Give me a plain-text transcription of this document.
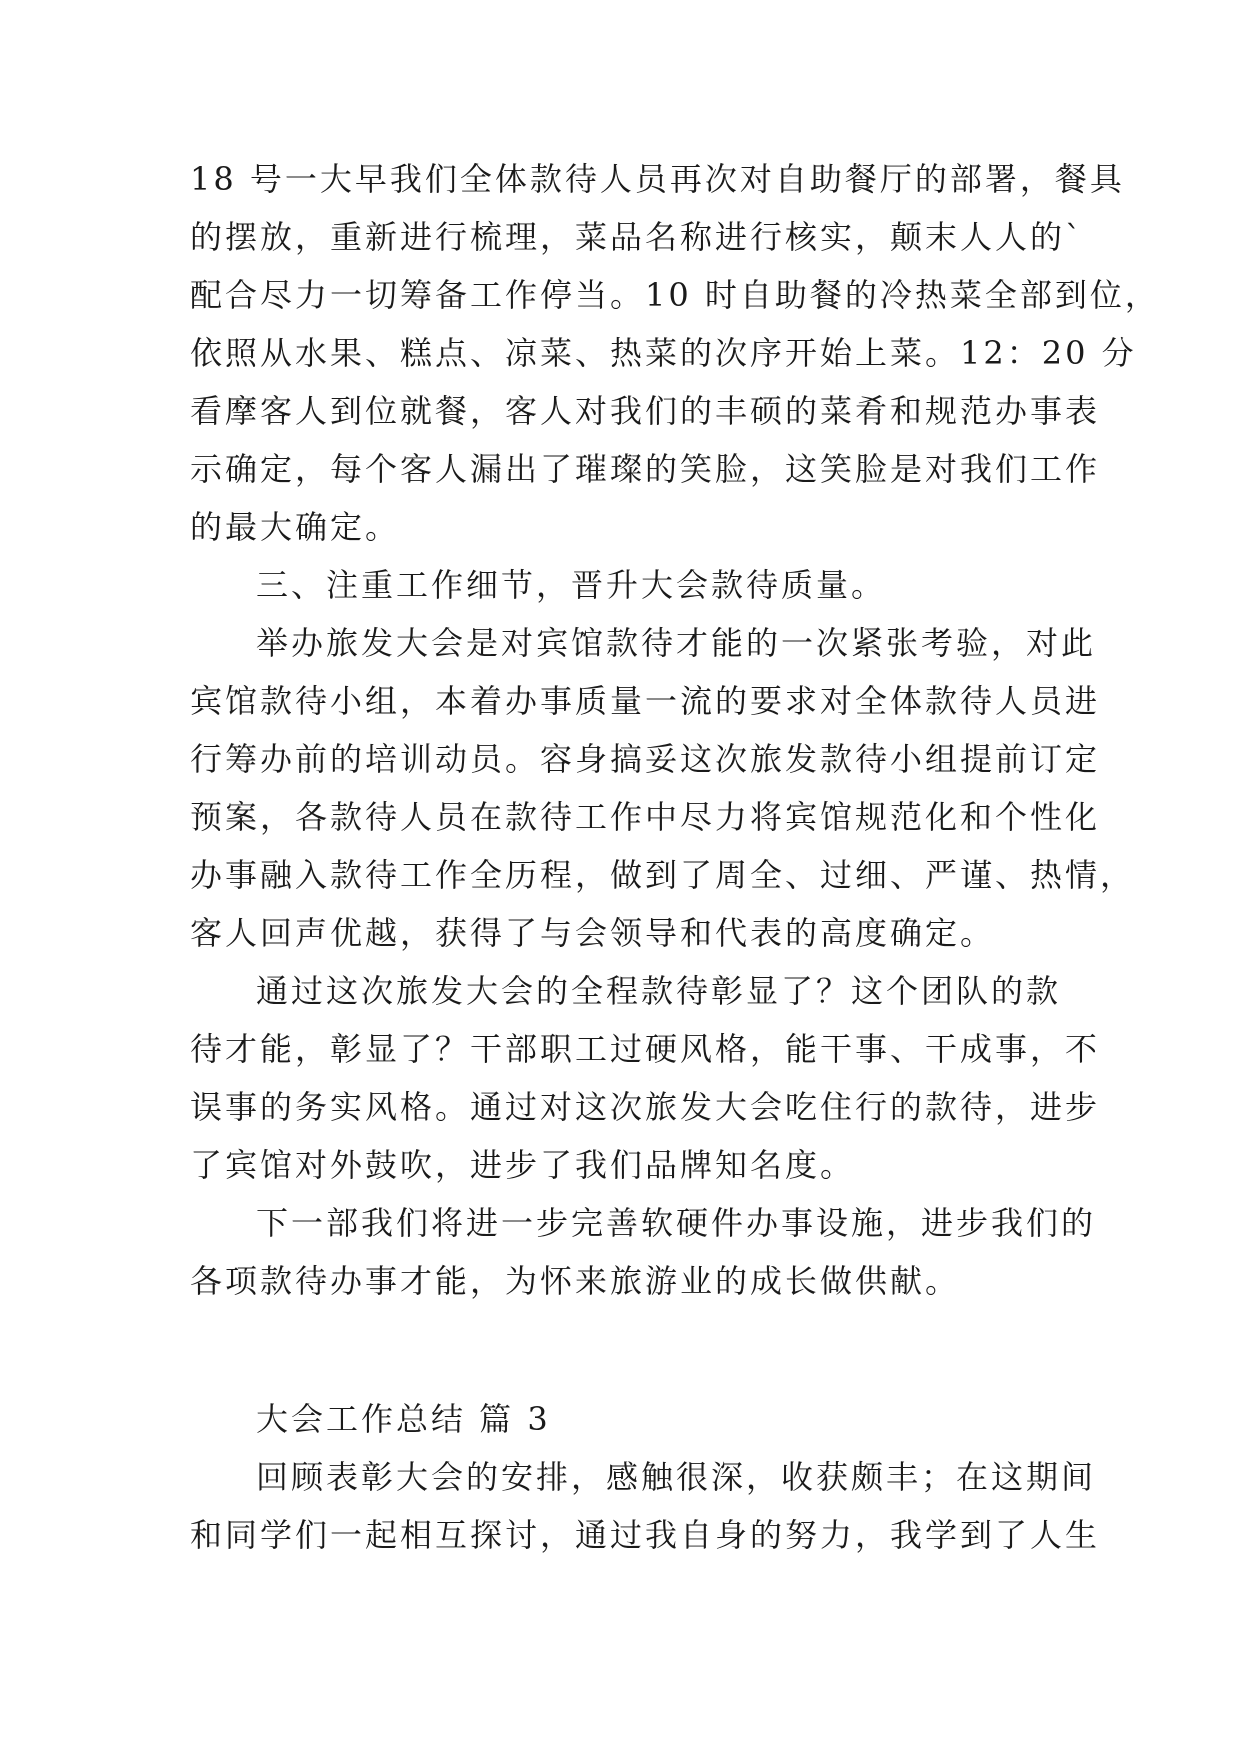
18 号一大早我们全体款待人员再次对自助餐厅的部署，餐具
的摆放，重新进行梳理，菜品名称进行核实，颠末人人的`
配合尽力一切筹备工作停当。10 时自助餐的冷热菜全部到位，
依照从水果、糕点、凉菜、热菜的次序开始上菜。12：20 分
看摩客人到位就餐，客人对我们的丰硕的菜肴和规范办事表
示确定，每个客人漏出了璀璨的笑脸，这笑脸是对我们工作
的最大确定。
三、注重工作细节，晋升大会款待质量。
举办旅发大会是对宾馆款待才能的一次紧张考验，对此
宾馆款待小组，本着办事质量一流的要求对全体款待人员进
行筹办前的培训动员。容身搞妥这次旅发款待小组提前订定
预案，各款待人员在款待工作中尽力将宾馆规范化和个性化
办事融入款待工作全历程，做到了周全、过细、严谨、热情，
客人回声优越，获得了与会领导和代表的高度确定。
通过这次旅发大会的全程款待彰显了？这个团队的款
待才能，彰显了？干部职工过硬风格，能干事、干成事，不
误事的务实风格。通过对这次旅发大会吃住行的款待，进步
了宾馆对外鼓吹，进步了我们品牌知名度。
下一部我们将进一步完善软硬件办事设施，进步我们的
各项款待办事才能，为怀来旅游业的成长做供献。
大会工作总结 篇 3
回顾表彰大会的安排，感触很深，收获颇丰；在这期间
和同学们一起相互探讨，通过我自身的努力，我学到了人生
